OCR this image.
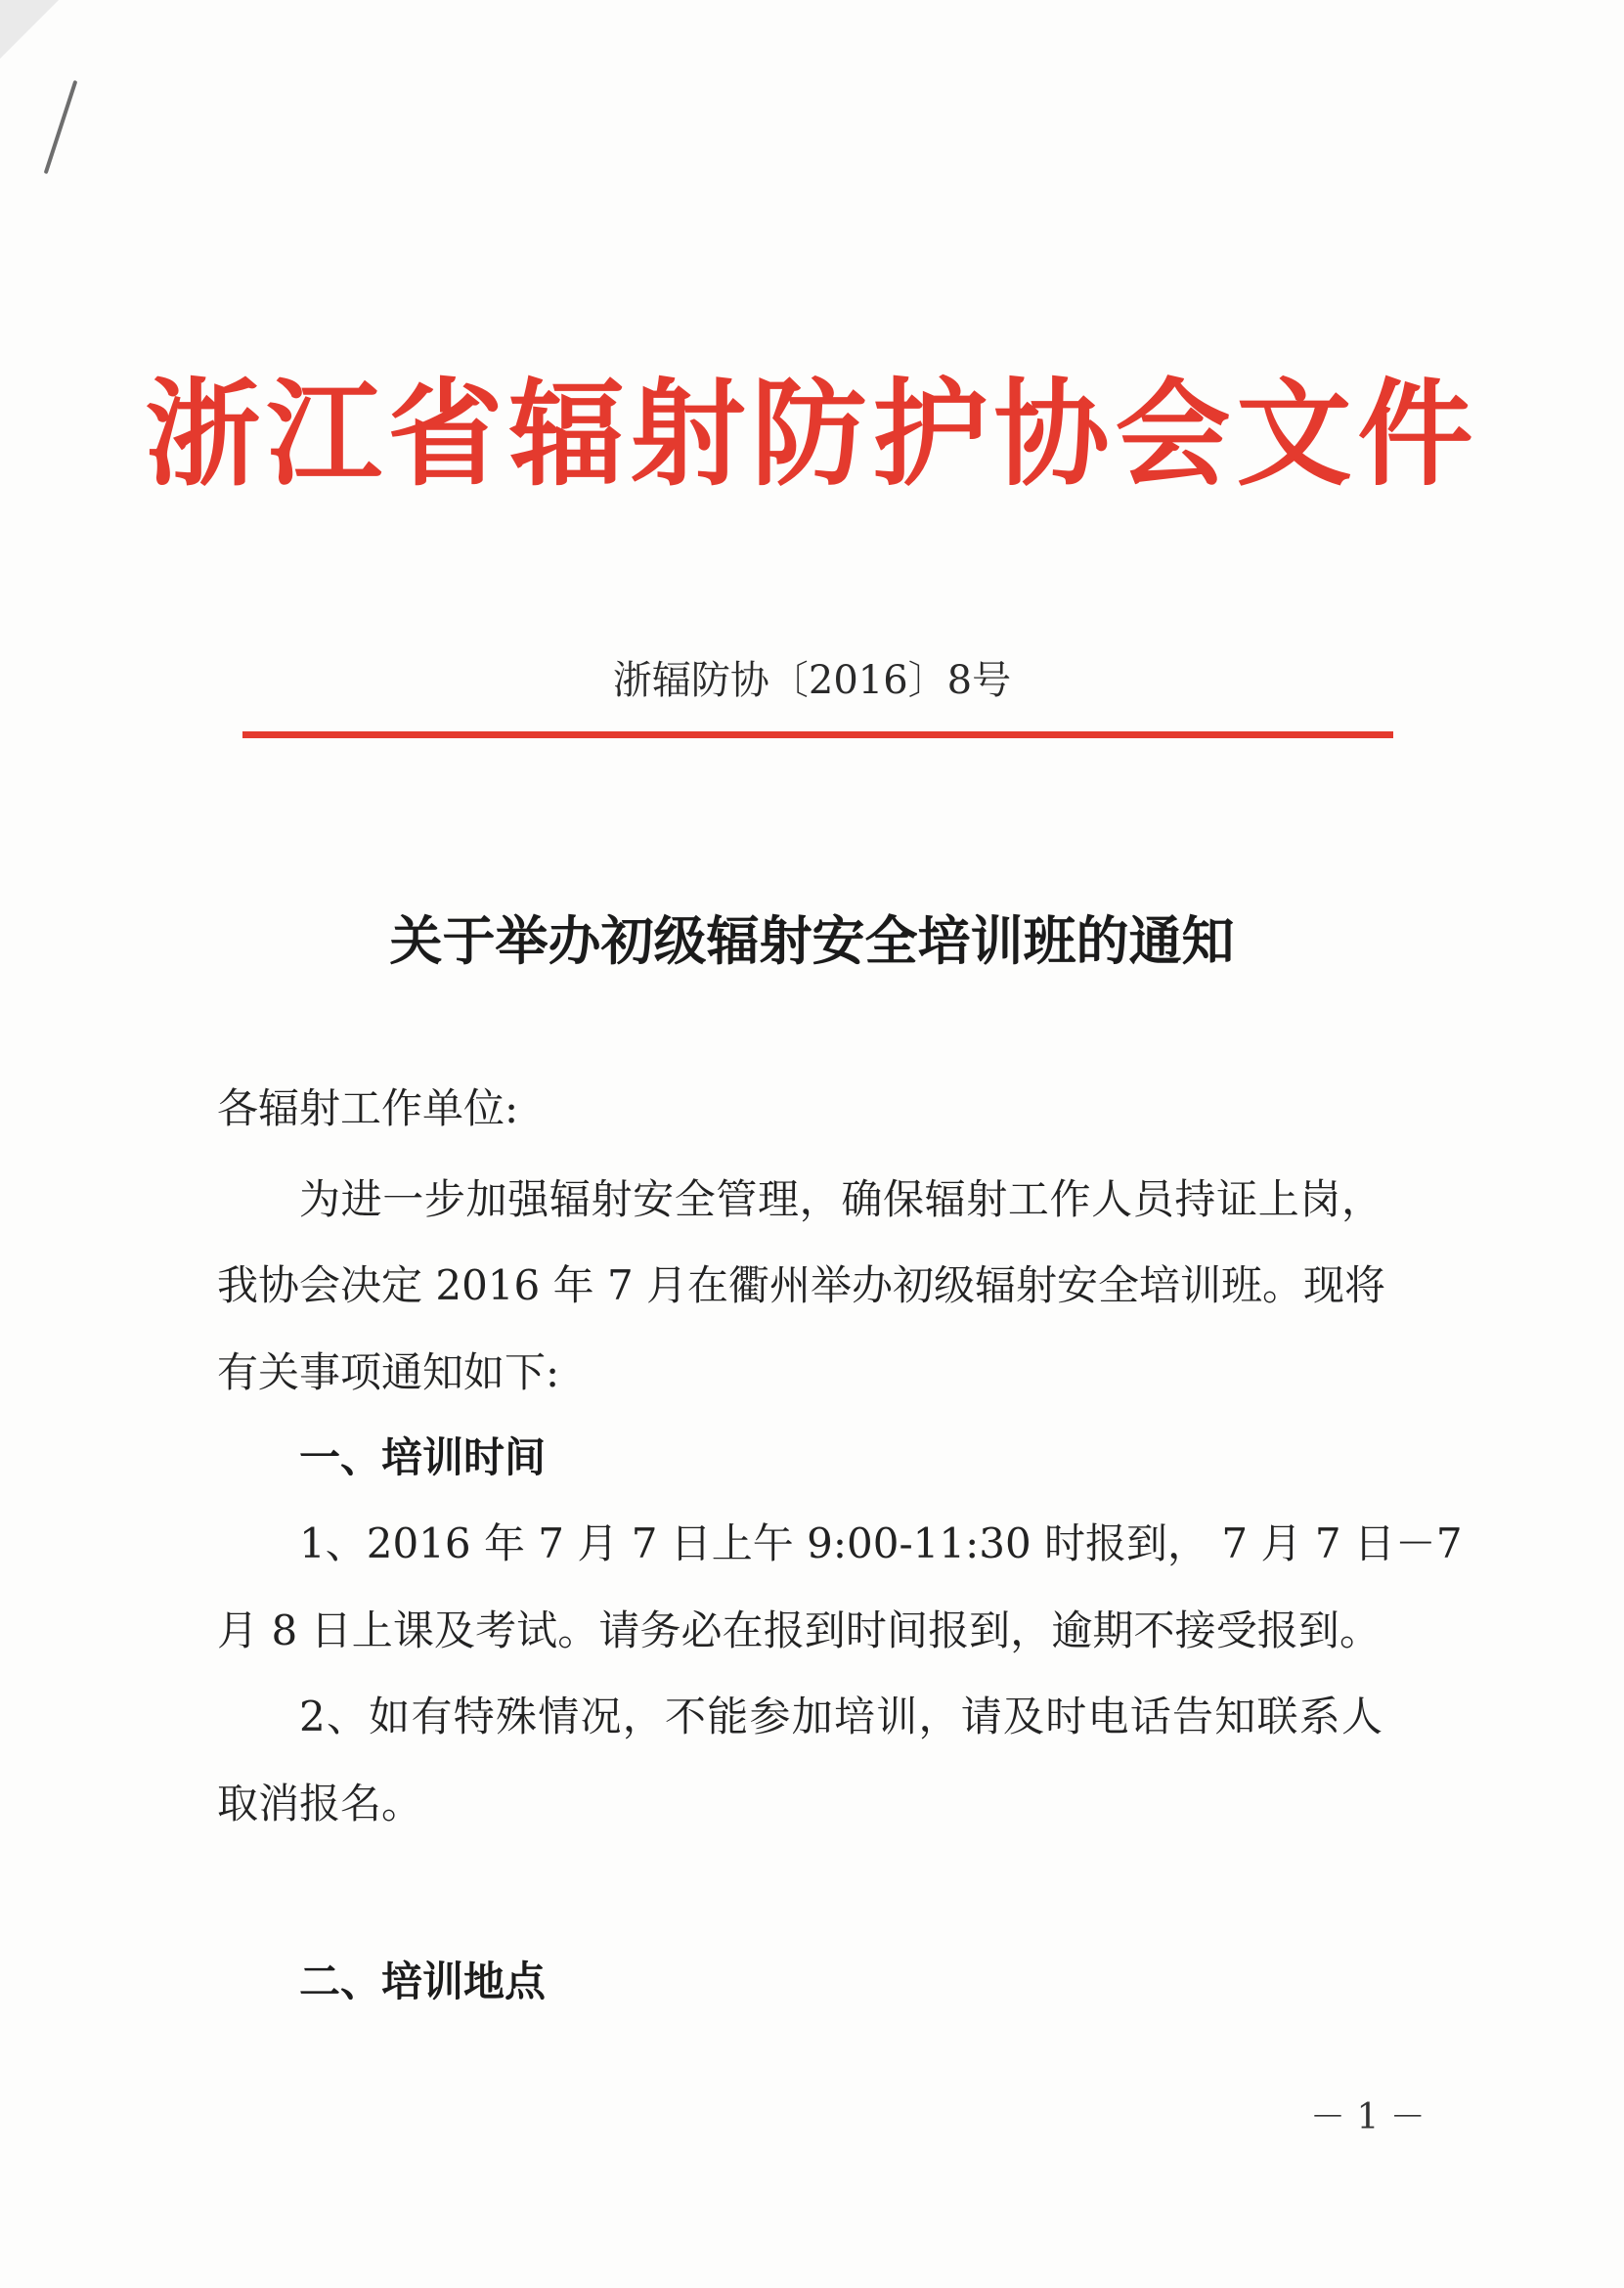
浙江省辐射防护协会文件
浙辐防协〔2016〕8号
关于举办初级辐射安全培训班的通知
各辐射工作单位:
为进一步加强辐射安全管理，确保辐射工作人员持证上岗，
我协会决定 2016 年 7 月在衢州举办初级辐射安全培训班。现将
有关事项通知如下:
一、培训时间
1、2016 年 7 月 7 日上午 9:00-11:30 时报到， 7 月 7 日－7
月 8 日上课及考试。请务必在报到时间报到，逾期不接受报到。
2、如有特殊情况，不能参加培训，请及时电话告知联系人
取消报名。
二、培训地点
－ 1 －
